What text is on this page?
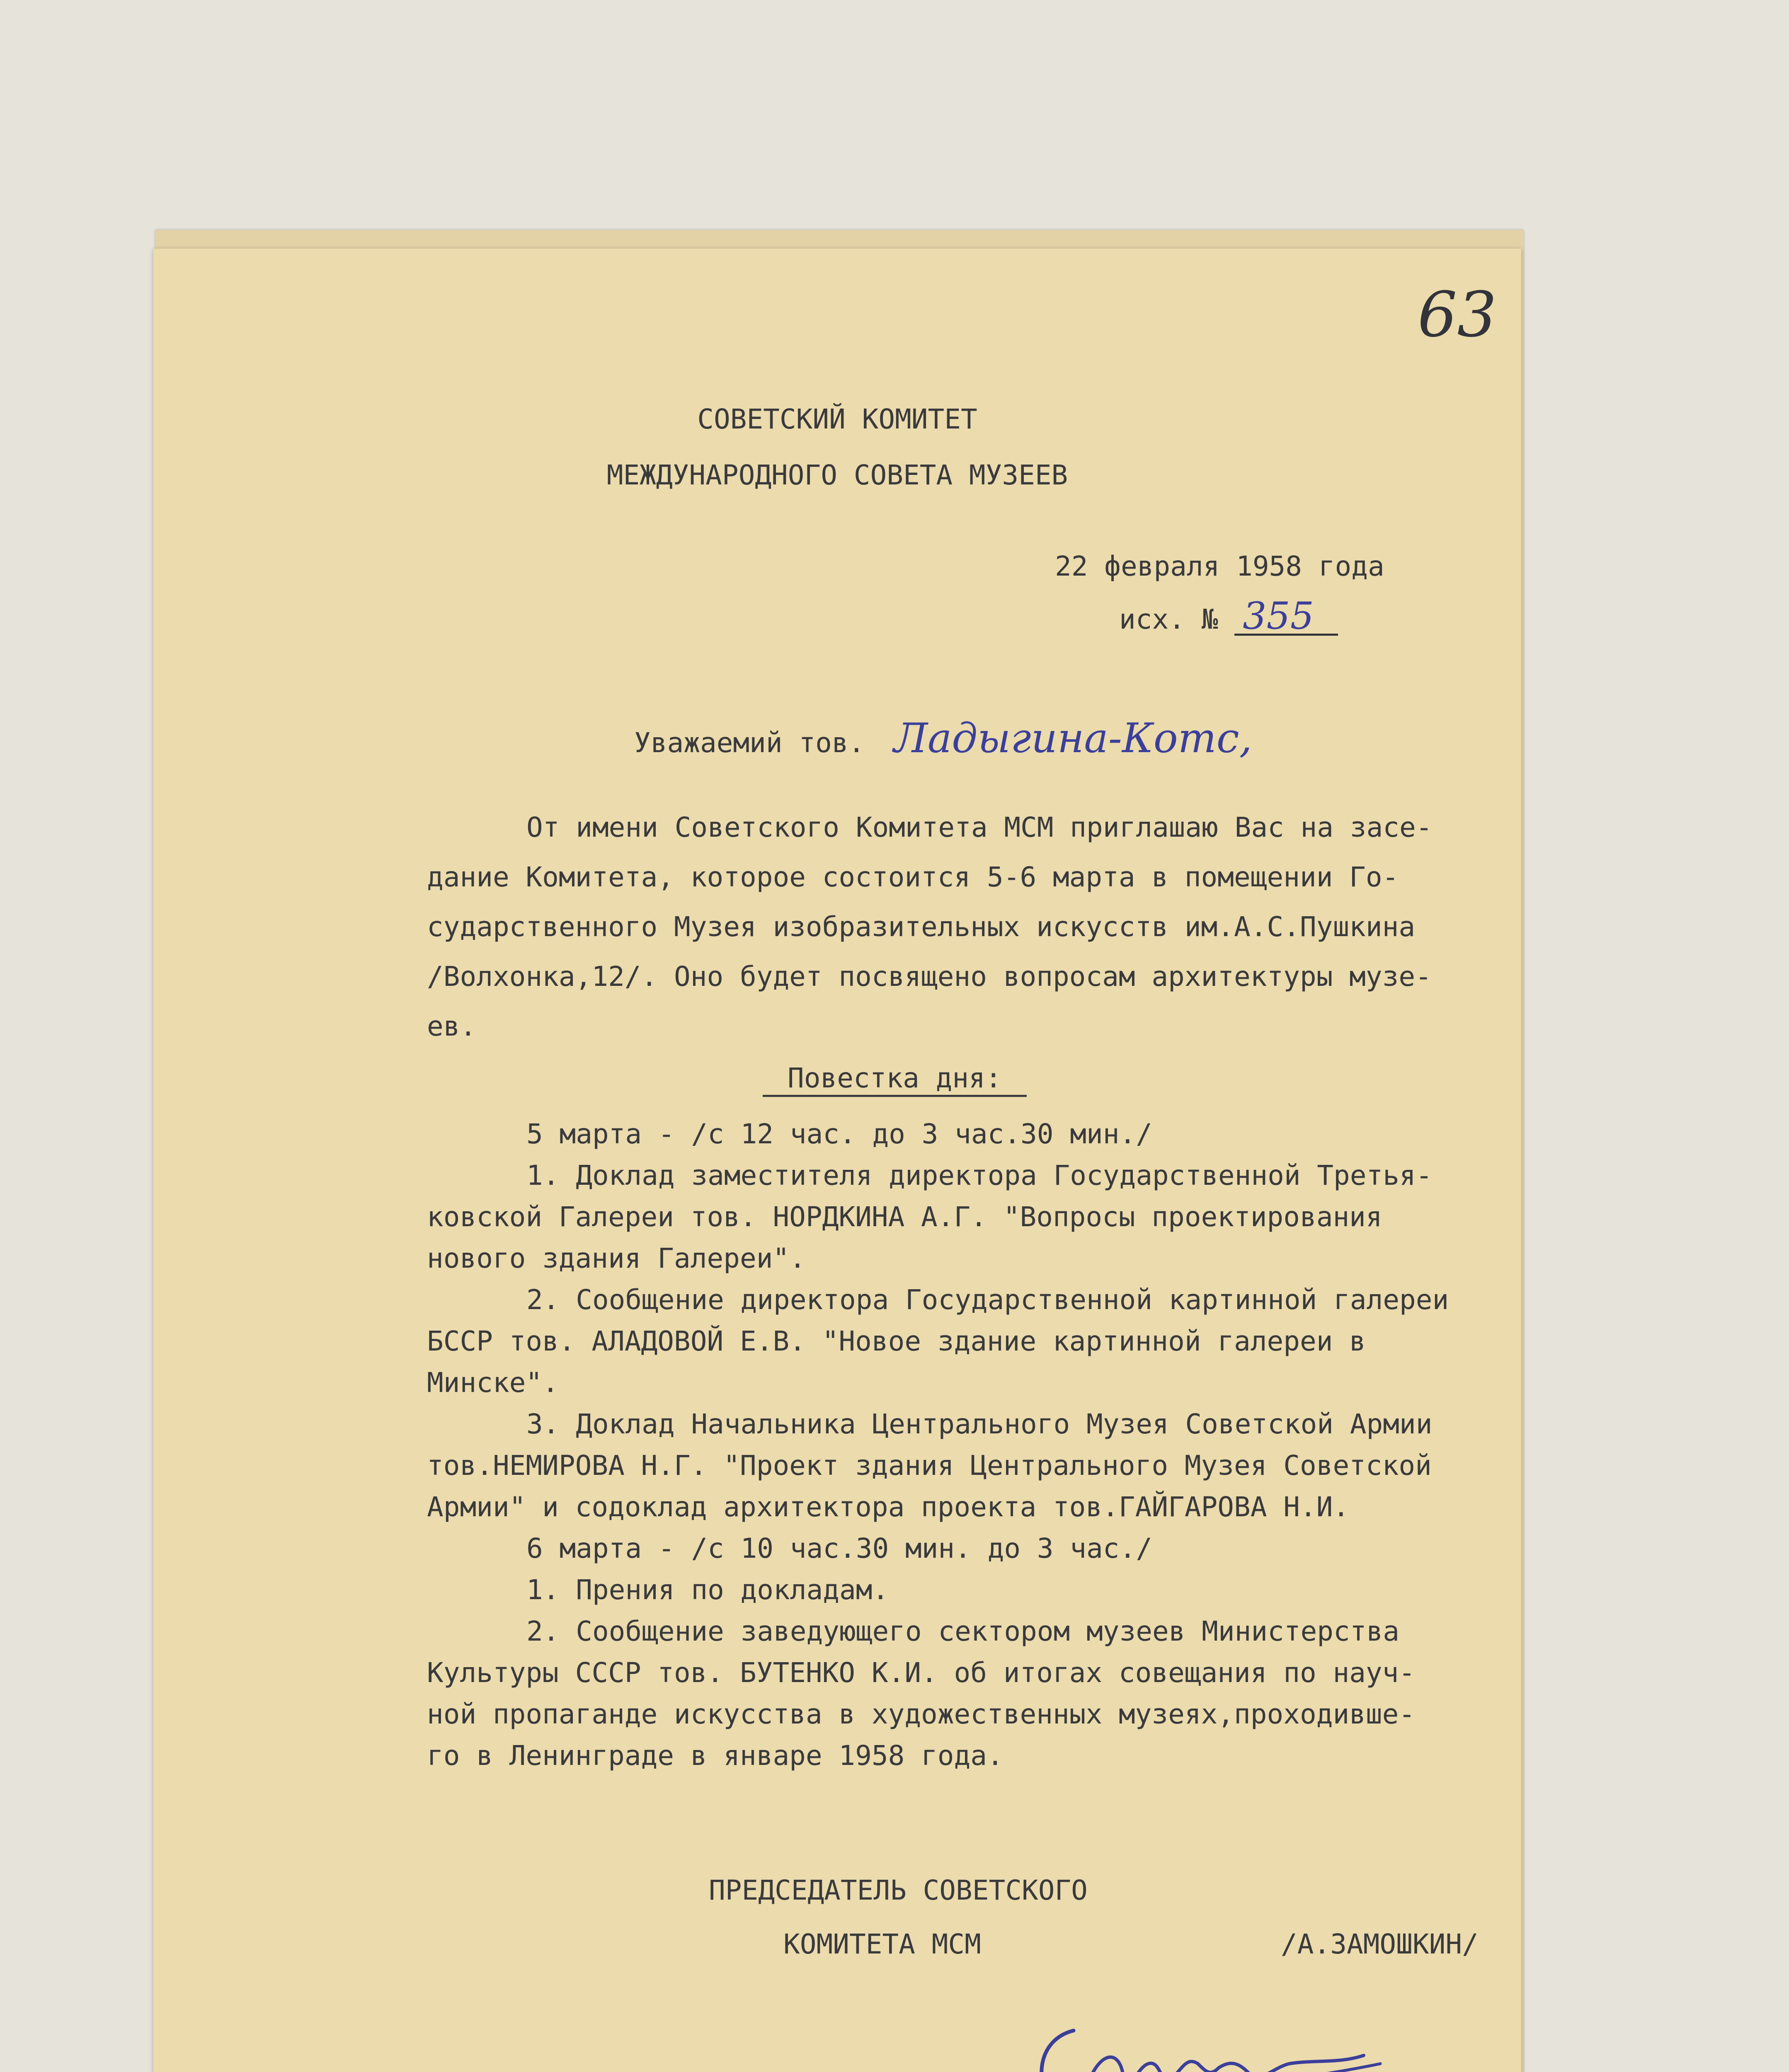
63
СОВЕТСКИЙ КОМИТЕТ
МЕЖДУНАРОДНОГО СОВЕТА МУЗЕЕВ
22 февраля 1958 года
исх. № 355
Уважаемий тов. Ладыгина-Котс,
От имени Советского Комитета МСМ приглашаю Вас на засе-
дание Комитета, которое состоится 5-6 марта в помещении Го-
сударственного Музея изобразительных искусств им.А.С.Пушкина
/Волхонка,12/. Оно будет посвящено вопросам архитектуры музе-
ев.
Повестка дня:
5 марта - /с 12 час. до 3 час.30 мин./
1. Доклад заместителя директора Государственной Третья-
ковской Галереи тов. НОРДКИНА А.Г. "Вопросы проектирования
нового здания Галереи".
2. Сообщение директора Государственной картинной галереи
БССР тов. АЛАДОВОЙ Е.В. "Новое здание картинной галереи в
Минске".
3. Доклад Начальника Центрального Музея Советской Армии
тов.НЕМИРОВА Н.Г. "Проект здания Центрального Музея Советской
Армии" и содоклад архитектора проекта тов.ГАЙГАРОВА Н.И.
6 марта - /с 10 час.30 мин. до 3 час./
1. Прения по докладам.
2. Сообщение заведующего сектором музеев Министерства
Культуры СССР тов. БУТЕНКО К.И. об итогах совещания по науч-
ной пропаганде искусства в художественных музеях,проходивше-
го в Ленинграде в январе 1958 года.
ПРЕДСЕДАТЕЛЬ СОВЕТСКОГО
КОМИТЕТА МСМ	/А.ЗАМОШКИН/
